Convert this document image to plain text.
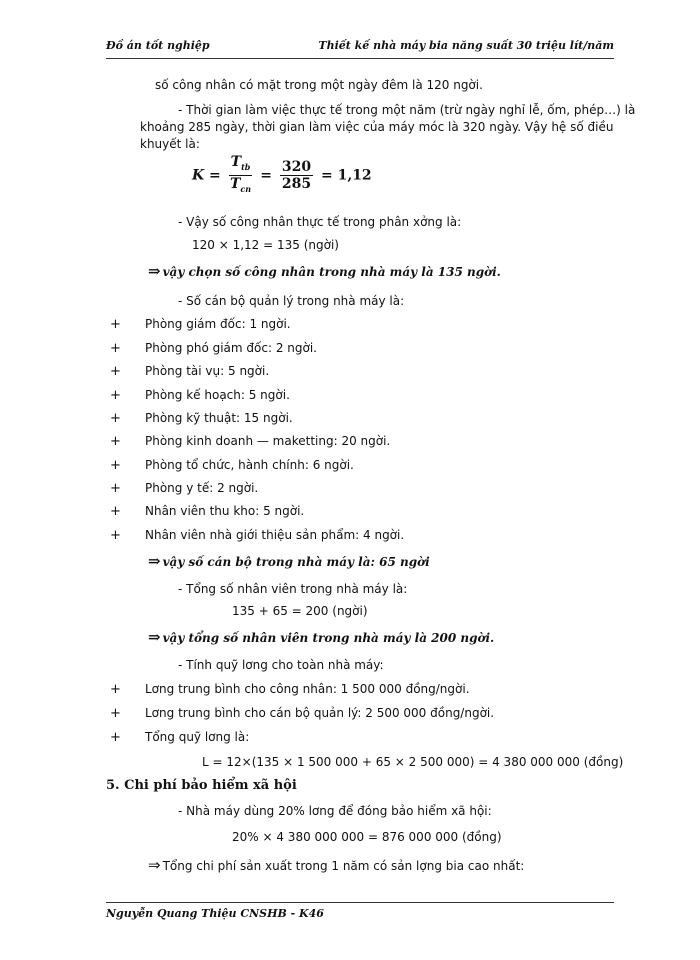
Đồ án tốt nghiệp	Thiết kế nhà máy bia năng suất 30 triệu lít/năm
số công nhân có mặt trong một ngày đêm là 120 ngời.
- Thời gian làm việc thực tế trong một năm (trừ ngày nghỉ lễ, ốm, phép…) là
khoảng 285 ngày, thời gian làm việc của máy móc là 320 ngày. Vậy hệ số điều
khuyết là:
$K = \frac{T_{tb}}{T_{cn}} = \frac{320}{285} = 1,12$
- Vậy số công nhân thực tế trong phân xởng là:
120 × 1,12 = 135 (ngời)
⇒ vậy chọn số công nhân trong nhà máy là 135 ngời.
- Số cán bộ quản lý trong nhà máy là:
+ Phòng giám đốc: 1 ngời.
+ Phòng phó giám đốc: 2 ngời.
+ Phòng tài vụ: 5 ngời.
+ Phòng kế hoạch: 5 ngời.
+ Phòng kỹ thuật: 15 ngời.
+ Phòng kinh doanh — maketting: 20 ngời.
+ Phòng tổ chức, hành chính: 6 ngời.
+ Phòng y tế: 2 ngời.
+ Nhân viên thu kho: 5 ngời.
+ Nhân viên nhà giới thiệu sản phẩm: 4 ngời.
⇒ vậy số cán bộ trong nhà máy là: 65 ngời
- Tổng số nhân viên trong nhà máy là:
135 + 65 = 200 (ngời)
⇒ vậy tổng số nhân viên trong nhà máy là 200 ngời.
- Tính quỹ lơng cho toàn nhà máy:
+ Lơng trung bình cho công nhân: 1 500 000 đồng/ngời.
+ Lơng trung bình cho cán bộ quản lý: 2 500 000 đồng/ngời.
+ Tổng quỹ lơng là:
L = 12×(135 × 1 500 000 + 65 × 2 500 000) = 4 380 000 000 (đồng)
5. Chi phí bảo hiểm xã hội
- Nhà máy dùng 20% lơng để đóng bảo hiểm xã hội:
20% × 4 380 000 000 = 876 000 000 (đồng)
⇒ Tổng chi phí sản xuất trong 1 năm có sản lợng bia cao nhất:
Nguyễn Quang Thiệu CNSHB - K46
